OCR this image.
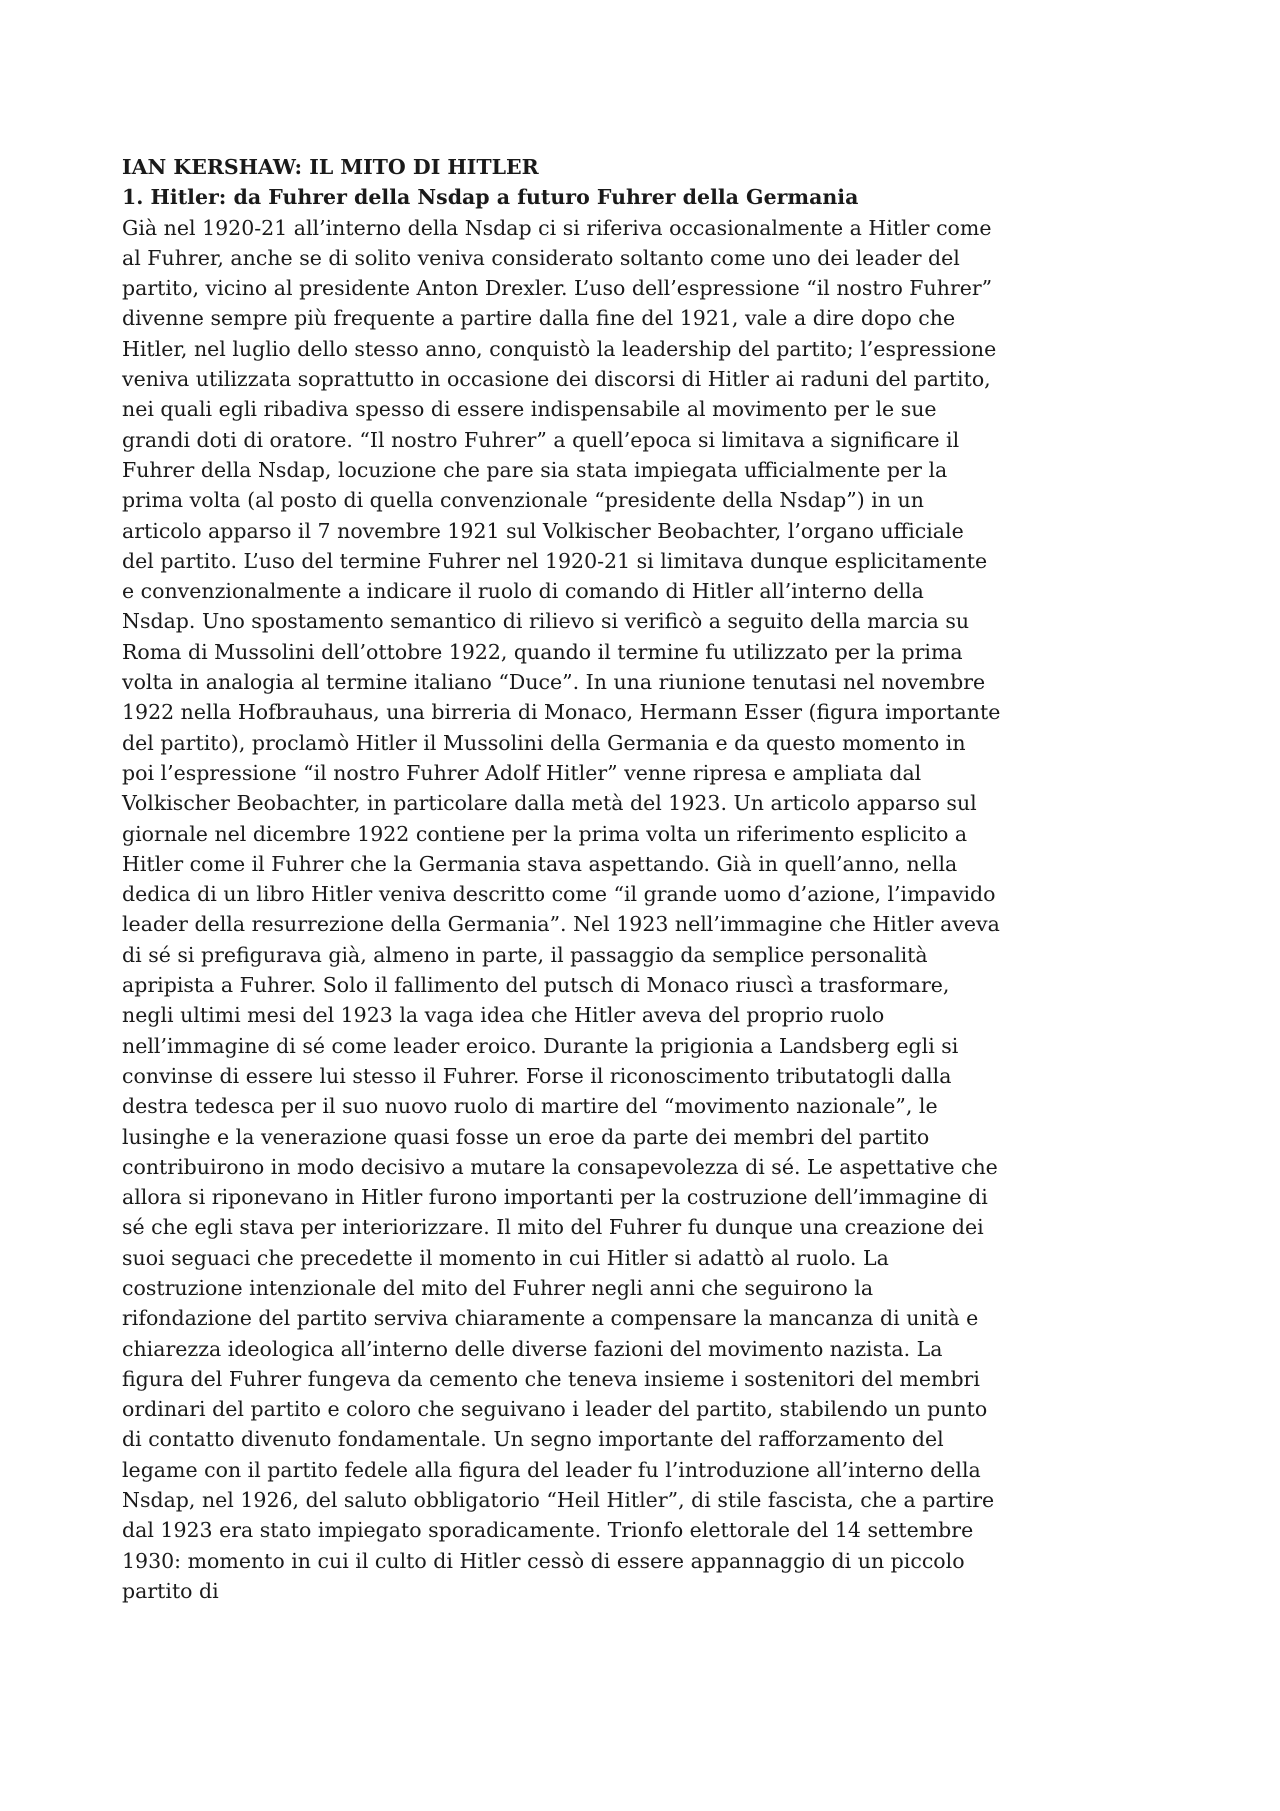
IAN KERSHAW: IL MITO DI HITLER
1. Hitler: da Fuhrer della Nsdap a futuro Fuhrer della Germania

Già nel 1920-21 all’interno della Nsdap ci si riferiva occasionalmente a Hitler come al Fuhrer, anche se di solito veniva considerato soltanto come uno dei leader del partito, vicino al presidente Anton Drexler. L’uso dell’espressione “il nostro Fuhrer” divenne sempre più frequente a partire dalla fine del 1921, vale a dire dopo che Hitler, nel luglio dello stesso anno, conquistò la leadership del partito; l’espressione veniva utilizzata soprattutto in occasione dei discorsi di Hitler ai raduni del partito, nei quali egli ribadiva spesso di essere indispensabile al movimento per le sue grandi doti di oratore. “Il nostro Fuhrer” a quell’epoca si limitava a significare il Fuhrer della Nsdap, locuzione che pare sia stata impiegata ufficialmente per la prima volta (al posto di quella convenzionale “presidente della Nsdap”) in un articolo apparso il 7 novembre 1921 sul Volkischer Beobachter, l’organo ufficiale del partito. L’uso del termine Fuhrer nel 1920-21 si limitava dunque esplicitamente e convenzionalmente a indicare il ruolo di comando di Hitler all’interno della Nsdap. Uno spostamento semantico di rilievo si verificò a seguito della marcia su Roma di Mussolini dell’ottobre 1922, quando il termine fu utilizzato per la prima volta in analogia al termine italiano “Duce”. In una riunione tenutasi nel novembre 1922 nella Hofbrauhaus, una birreria di Monaco, Hermann Esser (figura importante del partito), proclamò Hitler il Mussolini della Germania e da questo momento in poi l’espressione “il nostro Fuhrer Adolf Hitler” venne ripresa e ampliata dal Volkischer Beobachter, in particolare dalla metà del 1923. Un articolo apparso sul giornale nel dicembre 1922 contiene per la prima volta un riferimento esplicito a Hitler come il Fuhrer che la Germania stava aspettando. Già in quell’anno, nella dedica di un libro Hitler veniva descritto come “il grande uomo d’azione, l’impavido leader della resurrezione della Germania”. Nel 1923 nell’immagine che Hitler aveva di sé si prefigurava già, almeno in parte, il passaggio da semplice personalità apripista a Fuhrer. Solo il fallimento del putsch di Monaco riuscì a trasformare, negli ultimi mesi del 1923 la vaga idea che Hitler aveva del proprio ruolo nell’immagine di sé come leader eroico. Durante la prigionia a Landsberg egli si convinse di essere lui stesso il Fuhrer. Forse il riconoscimento tributatogli dalla destra tedesca per il suo nuovo ruolo di martire del “movimento nazionale”, le lusinghe e la venerazione quasi fosse un eroe da parte dei membri del partito contribuirono in modo decisivo a mutare la consapevolezza di sé. Le aspettative che allora si riponevano in Hitler furono importanti per la costruzione dell’immagine di sé che egli stava per interiorizzare. Il mito del Fuhrer fu dunque una creazione dei suoi seguaci che precedette il momento in cui Hitler si adattò al ruolo. La costruzione intenzionale del mito del Fuhrer negli anni che seguirono la rifondazione del partito serviva chiaramente a compensare la mancanza di unità e chiarezza ideologica all’interno delle diverse fazioni del movimento nazista. La figura del Fuhrer fungeva da cemento che teneva insieme i sostenitori del membri ordinari del partito e coloro che seguivano i leader del partito, stabilendo un punto di contatto divenuto fondamentale. Un segno importante del rafforzamento del legame con il partito fedele alla figura del leader fu l’introduzione all’interno della Nsdap, nel 1926, del saluto obbligatorio “Heil Hitler”, di stile fascista, che a partire dal 1923 era stato impiegato sporadicamente. Trionfo elettorale del 14 settembre 1930: momento in cui il culto di Hitler cessò di essere appannaggio di un piccolo partito di
